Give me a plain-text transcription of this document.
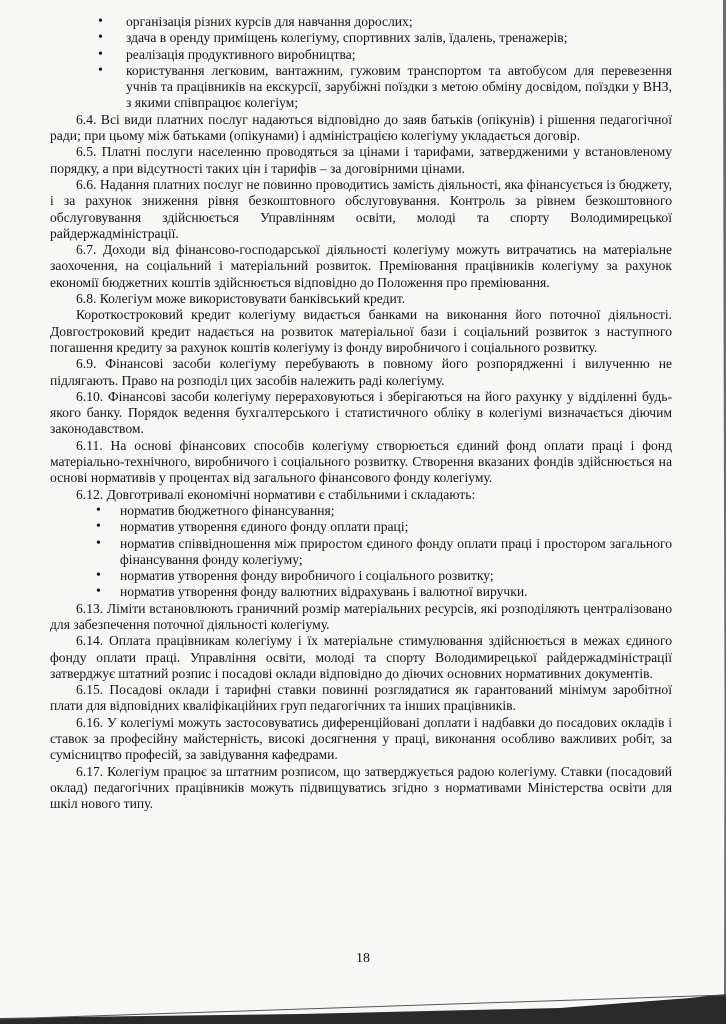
• організація різних курсів для навчання дорослих;
• здача в оренду приміщень колегіуму, спортивних залів, їдалень, тренажерів;
• реалізація продуктивного виробництва;
• користування легковим, вантажним, гужовим транспортом та автобусом для перевезення учнів та працівників на екскурсії, зарубіжні поїздки з метою обміну досвідом, поїздки у ВНЗ, з якими співпрацює колегіум;

6.4. Всі види платних послуг надаються відповідно до заяв батьків (опікунів) і рішення педагогічної ради; при цьому між батьками (опікунами) і адміністрацією колегіуму укладається договір.

6.5. Платні послуги населенню проводяться за цінами і тарифами, затвердженими у встановленому порядку, а при відсутності таких цін і тарифів – за договірними цінами.

6.6. Надання платних послуг не повинно проводитись замість діяльності, яка фінансується із бюджету, і за рахунок зниження рівня безкоштовного обслуговування. Контроль за рівнем безкоштовного обслуговування здійснюється Управлінням освіти, молоді та спорту Володимирецької райдержадміністрації.

6.7. Доходи від фінансово-господарської діяльності колегіуму можуть витрачатись на матеріальне заохочення, на соціальний і матеріальний розвиток. Преміювання працівників колегіуму за рахунок економії бюджетних коштів здійснюється відповідно до Положення про преміювання.

6.8. Колегіум може використовувати банківський кредит.

Короткостроковий кредит колегіуму видається банками на виконання його поточної діяльності. Довгостроковий кредит надається на розвиток матеріальної бази і соціальний розвиток з наступного погашення кредиту за рахунок коштів колегіуму із фонду виробничого і соціального розвитку.

6.9. Фінансові засоби колегіуму перебувають в повному його розпорядженні і вилученню не підлягають. Право на розподіл цих засобів належить раді колегіуму.

6.10. Фінансові засоби колегіуму перераховуються і зберігаються на його рахунку у відділенні будь-якого банку. Порядок ведення бухгалтерського і статистичного обліку в колегіумі визначається діючим законодавством.

6.11. На основі фінансових способів колегіуму створюється єдиний фонд оплати праці і фонд матеріально-технічного, виробничого і соціального розвитку. Створення вказаних фондів здійснюється на основі нормативів у процентах від загального фінансового фонду колегіуму.

6.12. Довготривалі економічні нормативи є стабільними і складають:

• норматив бюджетного фінансування;
• норматив утворення єдиного фонду оплати праці;
• норматив співвідношення між приростом єдиного фонду оплати праці і простором загального фінансування фонду колегіуму;
• норматив утворення фонду виробничого і соціального розвитку;
• норматив утворення фонду валютних відрахувань і валютної виручки.

6.13. Ліміти встановлюють граничний розмір матеріальних ресурсів, які розподіляють централізовано для забезпечення поточної діяльності колегіуму.

6.14. Оплата працівникам колегіуму і їх матеріальне стимулювання здійснюється в межах єдиного фонду оплати праці. Управління освіти, молоді та спорту Володимирецької райдержадміністрації затверджує штатний розпис і посадові оклади відповідно до діючих основних нормативних документів.

6.15. Посадові оклади і тарифні ставки повинні розглядатися як гарантований мінімум заробітної плати для відповідних кваліфікаційних груп педагогічних та інших працівників.

6.16. У колегіумі можуть застосовуватись диференційовані доплати і надбавки до посадових окладів і ставок за професійну майстерність, високі досягнення у праці, виконання особливо важливих робіт, за сумісництво професій, за завідування кафедрами.

6.17. Колегіум працює за штатним розписом, що затверджується радою колегіуму. Ставки (посадовий оклад) педагогічних працівників можуть підвищуватись згідно з нормативами Міністерства освіти для шкіл нового типу.

18
